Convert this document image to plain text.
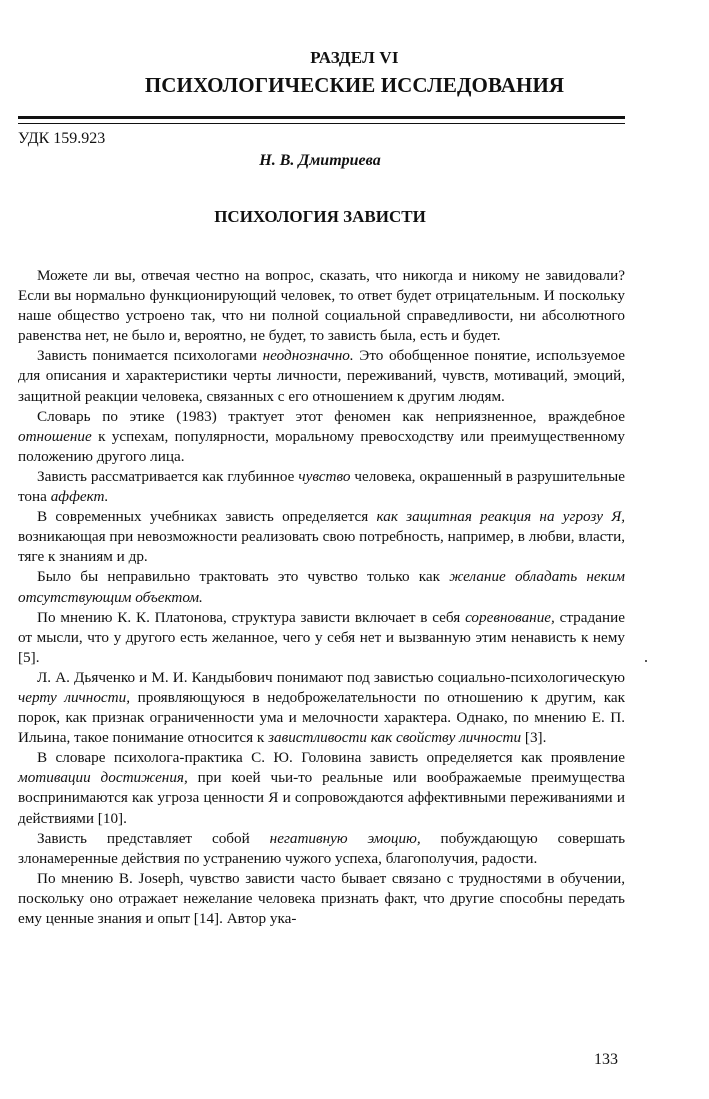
РАЗДЕЛ VI
ПСИХОЛОГИЧЕСКИЕ ИССЛЕДОВАНИЯ
УДК 159.923
Н. В. Дмитриева
ПСИХОЛОГИЯ ЗАВИСТИ

Можете ли вы, отвечая честно на вопрос, сказать, что никогда и никому не завидовали? Если вы нормально функционирующий человек, то ответ будет отрицательным. И поскольку наше общество устроено так, что ни полной социальной справедливости, ни абсолютного равенства нет, не было и, вероятно, не будет, то зависть была, есть и будет.

Зависть понимается психологами неоднозначно. Это обобщенное понятие, используемое для описания и характеристики черты личности, переживаний, чувств, мотиваций, эмоций, защитной реакции человека, связанных с его отношением к другим людям.

Словарь по этике (1983) трактует этот феномен как неприязненное, враждебное отношение к успехам, популярности, моральному превосходству или преимущественному положению другого лица.

Зависть рассматривается как глубинное чувство человека, окрашенный в разрушительные тона аффект.

В современных учебниках зависть определяется как защитная реакция на угрозу Я, возникающая при невозможности реализовать свою потребность, например, в любви, власти, тяге к знаниям и др.

Было бы неправильно трактовать это чувство только как желание обладать неким отсутствующим объектом.

По мнению К. К. Платонова, структура зависти включает в себя соревнование, страдание от мысли, что у другого есть желанное, чего у себя нет и вызванную этим ненависть к нему [5].

Л. А. Дьяченко и М. И. Кандыбович понимают под завистью социально-психологическую черту личности, проявляющуюся в недоброжелательности по отношению к другим, как порок, как признак ограниченности ума и мелочности характера. Однако, по мнению Е. П. Ильина, такое понимание относится к завистливости как свойству личности [3].

В словаре психолога-практика С. Ю. Головина зависть определяется как проявление мотивации достижения, при коей чьи-то реальные или воображаемые преимущества воспринимаются как угроза ценности Я и сопровождаются аффективными переживаниями и действиями [10].

Зависть представляет собой негативную эмоцию, побуждающую совершать злонамеренные действия по устранению чужого успеха, благополучия, радости.

По мнению B. Joseph, чувство зависти часто бывает связано с трудностями в обучении, поскольку оно отражает нежелание человека признать факт, что другие способны передать ему ценные знания и опыт [14]. Автор ука-

133
